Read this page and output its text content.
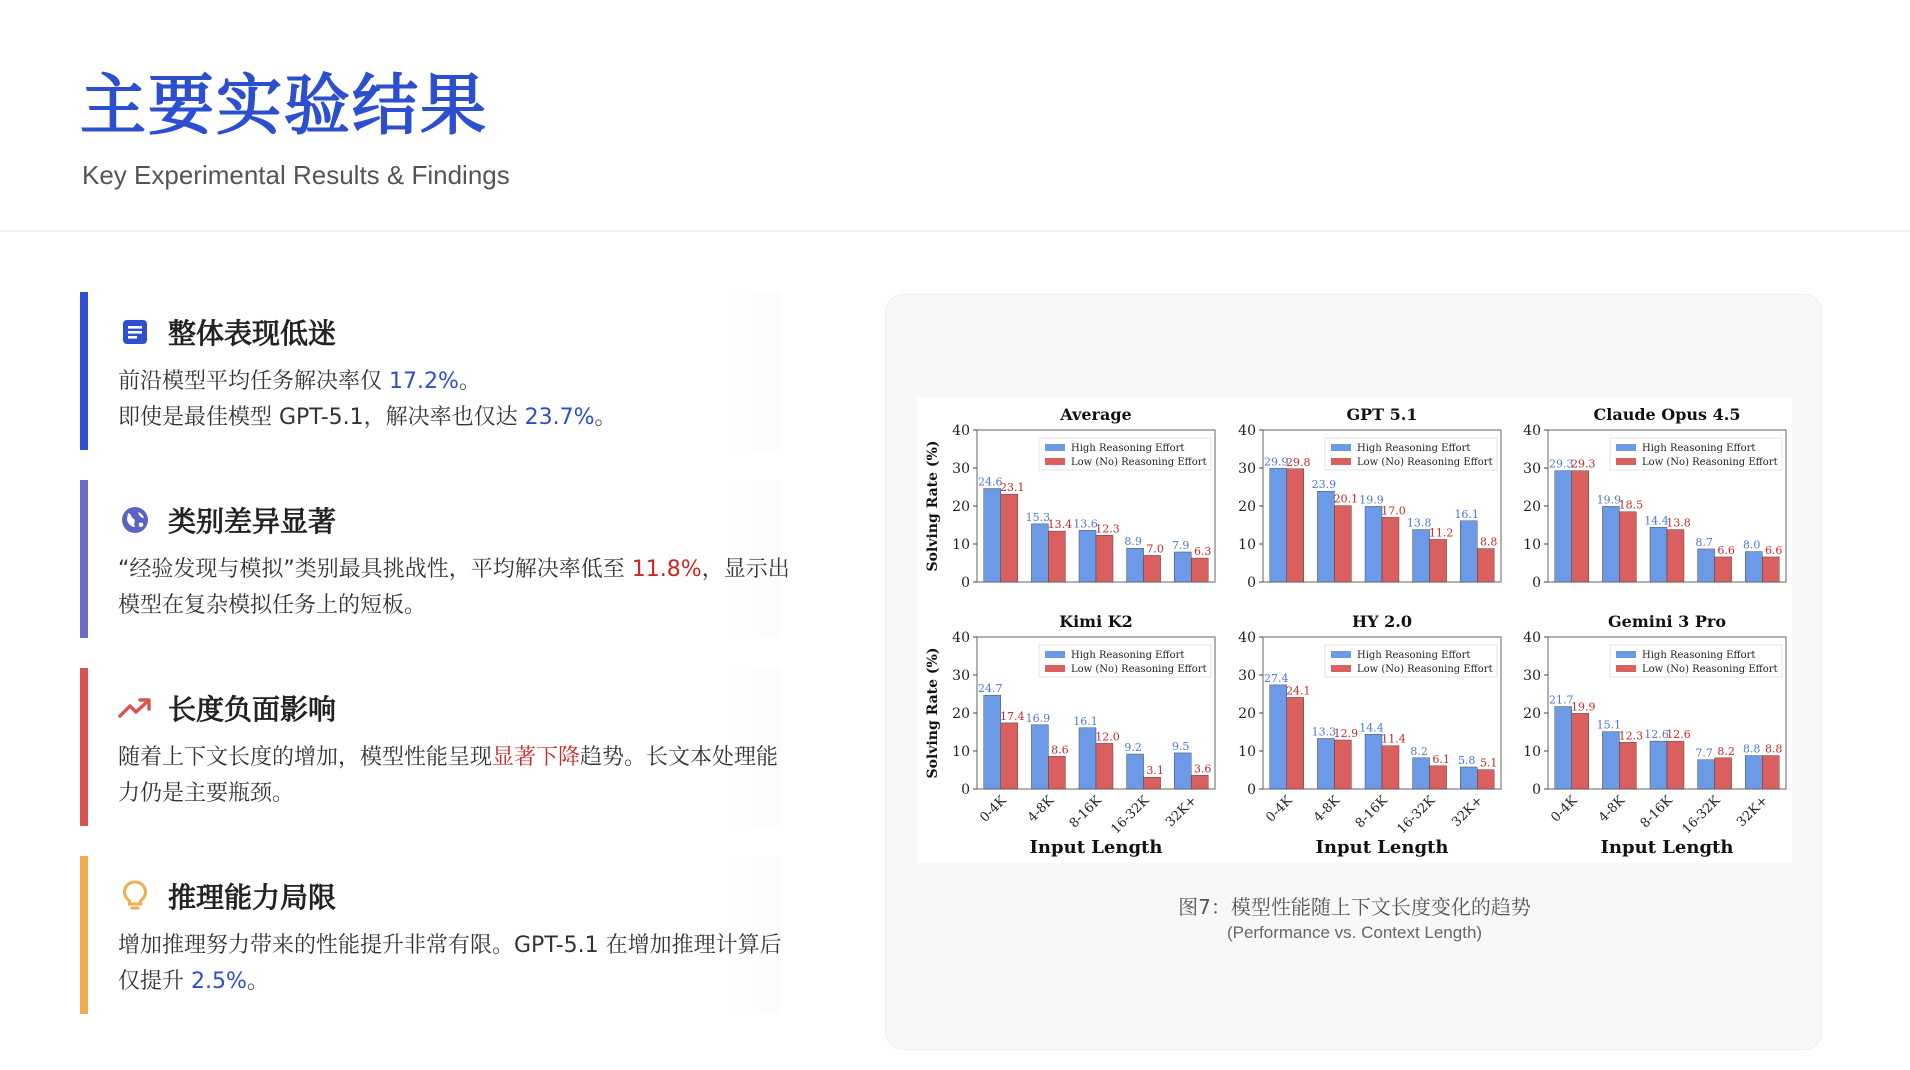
主要实验结果
Key Experimental Results & Findings
整体表现低迷
前沿模型平均任务解决率仅 17.2%。
即使是最佳模型 GPT-5.1，解决率也仅达 23.7%。
类别差异显著
“经验发现与模拟”类别最具挑战性，平均解决率低至 11.8%，显示出模型在复杂模拟任务上的短板。
长度负面影响
随着上下文长度的增加，模型性能呈现显著下降趋势。长文本处理能力仍是主要瓶颈。
推理能力局限
增加推理努力带来的性能提升非常有限。GPT-5.1 在增加推理计算后仅提升 2.5%。
Average
0
10
20
30
40
Solving Rate (%)	24.6
23.1
15.3
13.4 13.6
12.3
8.9
7.0 7.9 6.3
High Reasoning Effort
Low (No) Reasoning Effort
GPT 5.1
0
10
20
30
40
29.9
29.8
23.9
20.1 19.9
17.0
13.8
11.2
16.1
8.8
High Reasoning Effort
Low (No) Reasoning Effort
Claude Opus 4.5
0
10
20
30
40
29.3
29.3
19.9
18.5
14.4
13.8
8.7
6.6 8.0 6.6
High Reasoning Effort
Low (No) Reasoning Effort
Kimi K2
0
10
20
30
40
Solving Rate (%)	24.7
17.4
0-4K
16.9
8.6
4-8K
16.1
12.0
8-16K
9.2
3.1
16-32K
9.5
3.6
32K+
High Reasoning Effort
Low (No) Reasoning Effort
Input Length
HY 2.0
0
10
20
30
40
27.4
24.1
0-4K
13.3
12.9
4-8K
14.4
11.4
8-16K
8.2
6.1
16-32K
5.8 5.1
32K+
High Reasoning Effort
Low (No) Reasoning Effort
Input Length
Gemini 3 Pro
0
10
20
30
40
21.7
19.9
0-4K
15.1
12.3
4-8K
12.6
12.6
8-16K
7.7 8.2
16-32K
8.8 8.8
32K+
High Reasoning Effort
Low (No) Reasoning Effort
Input Length
图7：模型性能随上下文长度变化的趋势
(Performance vs. Context Length)
